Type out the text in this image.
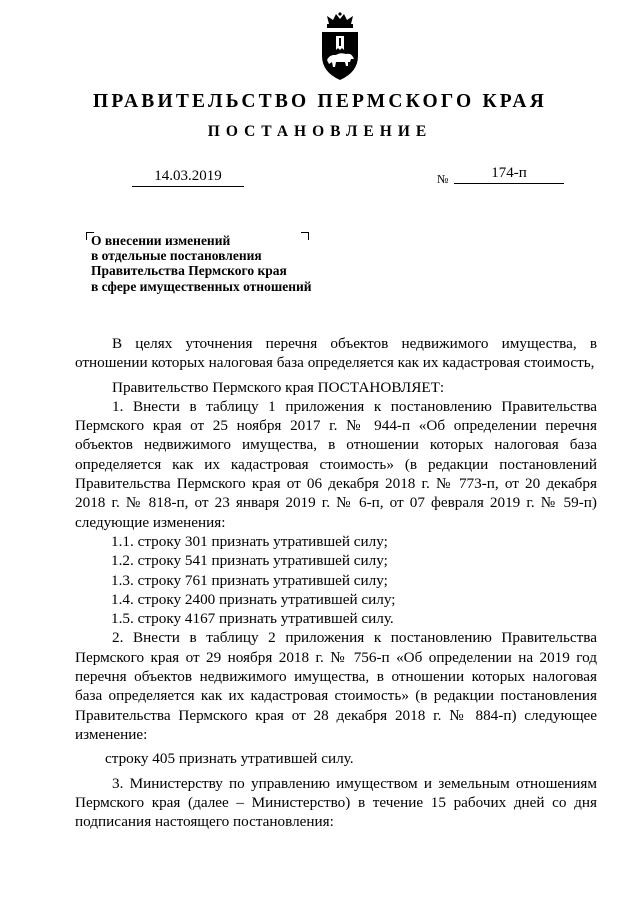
ПРАВИТЕЛЬСТВО ПЕРМСКОГО КРАЯ
ПОСТАНОВЛЕНИЕ
14.03.2019	№	174-п
О внесении изменений
в отдельные постановления
Правительства Пермского края
в сфере имущественных отношений

В целях уточнения перечня объектов недвижимого имущества, в отношении которых налоговая база определяется как их кадастровая стоимость,

Правительство Пермского края ПОСТАНОВЛЯЕТ:

1. Внести в таблицу 1 приложения к постановлению Правительства Пермского края от 25 ноября 2017 г. № 944-п «Об определении перечня объектов недвижимого имущества, в отношении которых налоговая база определяется как их кадастровая стоимость» (в редакции постановлений Правительства Пермского края от 06 декабря 2018 г. № 773-п, от 20 декабря 2018 г. № 818-п, от 23 января 2019 г. № 6-п, от 07 февраля 2019 г. № 59-п) следующие изменения:

1.1. строку 301 признать утратившей силу;

1.2. строку 541 признать утратившей силу;

1.3. строку 761 признать утратившей силу;

1.4. строку 2400 признать утратившей силу;

1.5. строку 4167 признать утратившей силу.

2. Внести в таблицу 2 приложения к постановлению Правительства Пермского края от 29 ноября 2018 г. № 756-п «Об определении на 2019 год перечня объектов недвижимого имущества, в отношении которых налоговая база определяется как их кадастровая стоимость» (в редакции постановления Правительства Пермского края от 28 декабря 2018 г. № 884-п) следующее изменение:

строку 405 признать утратившей силу.

3. Министерству по управлению имуществом и земельным отношениям Пермского края (далее – Министерство) в течение 15 рабочих дней со дня подписания настоящего постановления:
